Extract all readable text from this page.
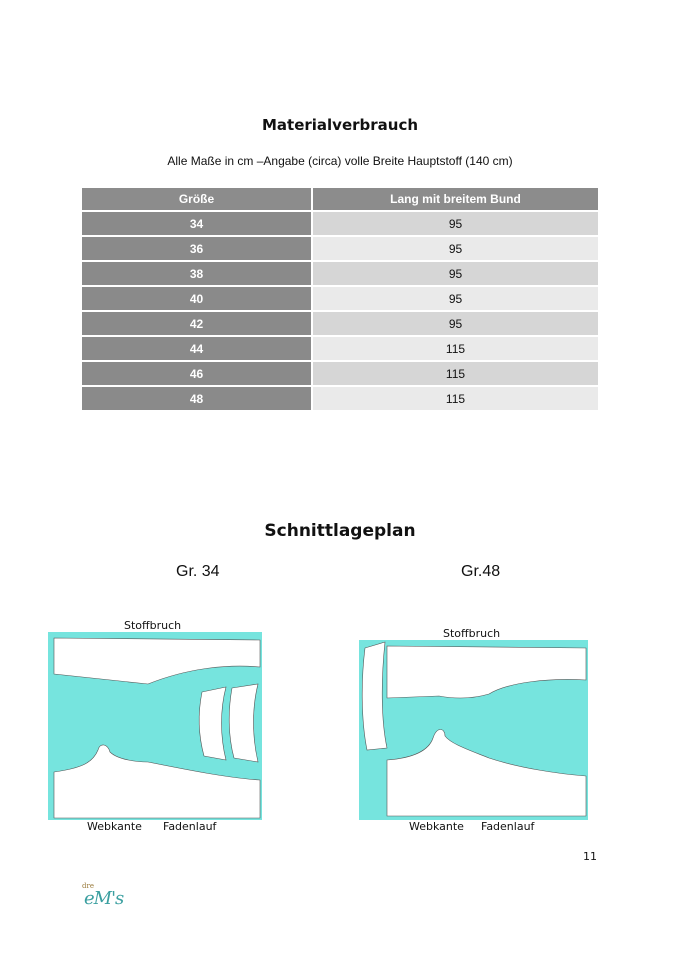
Materialverbrauch
Alle Maße in cm –Angabe (circa) volle Breite Hauptstoff (140 cm)
Größe	Lang mit breitem Bund
34	95
36	95
38	95
40	95
42	95
44	115
46	115
48	115
Schnittlageplan
Gr. 34	Gr.48
Stoffbruch
Webkante Fadenlauf
Stoffbruch
Webkante Fadenlauf
11
dre
eM's
